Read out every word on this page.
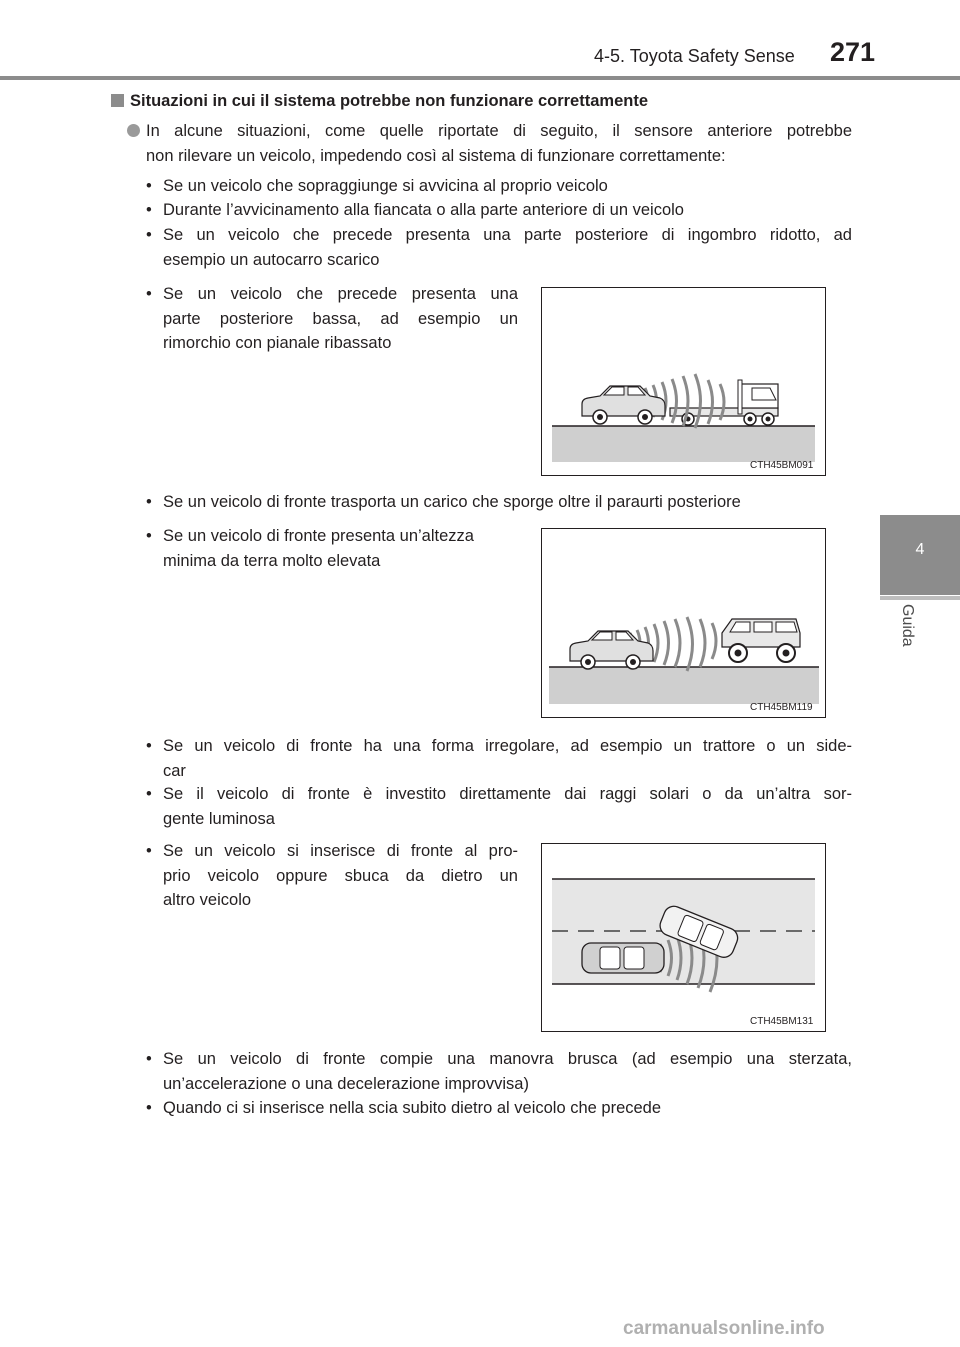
4-5. Toyota Safety Sense 271
4
Guida
Situazioni in cui il sistema potrebbe non funzionare correttamente
In alcune situazioni, come quelle riportate di seguito, il sensore anteriore potrebbe
non rilevare un veicolo, impedendo così al sistema di funzionare correttamente:
• Se un veicolo che sopraggiunge si avvicina al proprio veicolo
• Durante l’avvicinamento alla fiancata o alla parte anteriore di un veicolo
• Se un veicolo che precede presenta una parte posteriore di ingombro ridotto, ad
esempio un autocarro scarico
• Se un veicolo che precede presenta una
parte posteriore bassa, ad esempio un
rimorchio con pianale ribassato
CTH45BM091
• Se un veicolo di fronte trasporta un carico che sporge oltre il paraurti posteriore
• Se un veicolo di fronte presenta un’altezza
minima da terra molto elevata
CTH45BM119
• Se un veicolo di fronte ha una forma irregolare, ad esempio un trattore o un side-
car
• Se il veicolo di fronte è investito direttamente dai raggi solari o da un’altra sor-
gente luminosa
• Se un veicolo si inserisce di fronte al pro-
prio veicolo oppure sbuca da dietro un
altro veicolo
CTH45BM131
• Se un veicolo di fronte compie una manovra brusca (ad esempio una sterzata,
un’accelerazione o una decelerazione improvvisa)
• Quando ci si inserisce nella scia subito dietro al veicolo che precede
carmanualsonline.info
